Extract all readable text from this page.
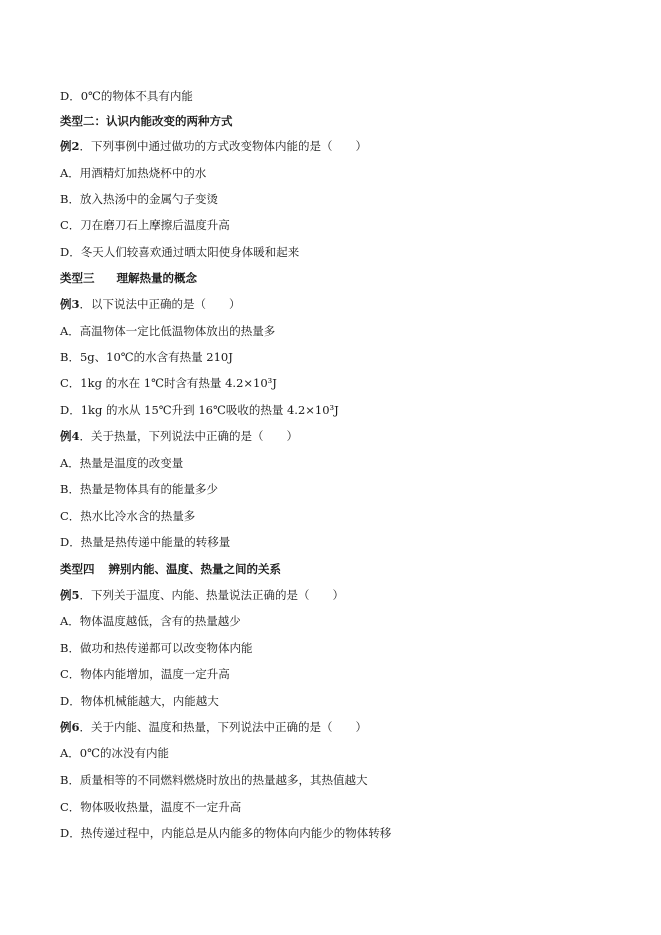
D．0℃的物体不具有内能
类型二：认识内能改变的两种方式
例2．下列事例中通过做功的方式改变物体内能的是（　　）
A．用酒精灯加热烧杯中的水
B．放入热汤中的金属勺子变烫
C．刀在磨刀石上摩擦后温度升高
D．冬天人们较喜欢通过晒太阳使身体暖和起来
类型三 理解热量的概念
例3．以下说法中正确的是（　　）
A．高温物体一定比低温物体放出的热量多
B．5g、10℃的水含有热量 210J
C．1kg 的水在 1℃时含有热量 4.2×10³J
D．1kg 的水从 15℃升到 16℃吸收的热量 4.2×10³J
例4．关于热量，下列说法中正确的是（　　）
A．热量是温度的改变量
B．热量是物体具有的能量多少
C．热水比冷水含的热量多
D．热量是热传递中能量的转移量
类型四 辨别内能、温度、热量之间的关系
例5．下列关于温度、内能、热量说法正确的是（　　）
A．物体温度越低，含有的热量越少
B．做功和热传递都可以改变物体内能
C．物体内能增加，温度一定升高
D．物体机械能越大，内能越大
例6．关于内能、温度和热量，下列说法中正确的是（　　）
A．0℃的冰没有内能
B．质量相等的不同燃料燃烧时放出的热量越多，其热值越大
C．物体吸收热量，温度不一定升高
D．热传递过程中，内能总是从内能多的物体向内能少的物体转移
